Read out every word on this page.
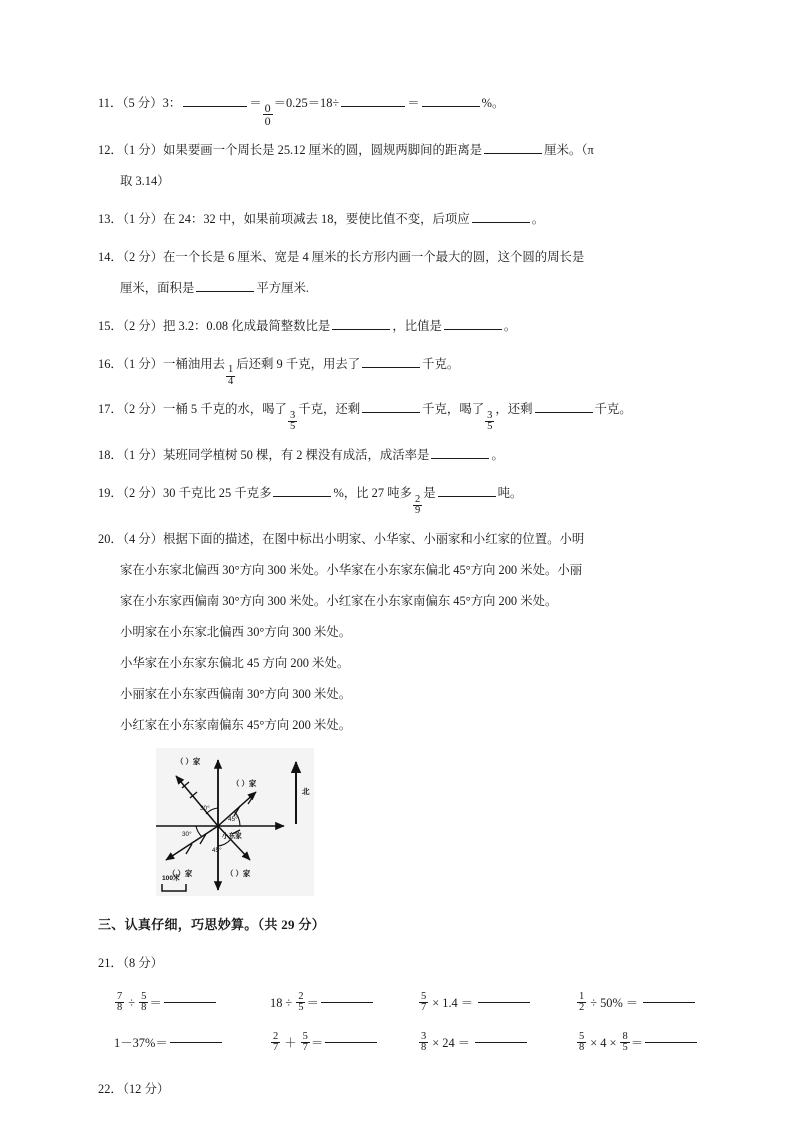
11．（5 分）3：	＝ $\frac{0}{0} =0.25=18\div$	＝	%。
12．（1 分）如果要画一个周长是 25.12 厘米的圆，圆规两脚间的距离是	厘米。（π
取 3.14）
13．（1 分）在 24：32 中，如果前项减去 18，要使比值不变，后项应	。
14．（2 分）在一个长是 6 厘米、宽是 4 厘米的长方形内画一个最大的圆，这个圆的周长是
厘米，面积是	平方厘米.
15．（2 分）把 3.2：0.08 化成最简整数比是	，比值是	。
16．（1 分）一桶油用去
$\frac{1}{4}$
后还剩 9 千克，用去了	千克。
17．（2 分）一桶 5 千克的水，喝了
$\frac{3}{5}$
千克，还剩	千克，喝了
$\frac{3}{5}$
，还剩	千克。
18．（1 分）某班同学植树 50 棵，有 2 棵没有成活，成活率是	。
19．（2 分）30 千克比 25 千克多	%，比 27 吨多
$\frac{2}{9}$
是	吨。
20．（4 分）根据下面的描述，在图中标出小明家、小华家、小丽家和小红家的位置。小明
家在小东家北偏西 30°方向 300 米处。小华家在小东家东偏北 45°方向 200 米处。小丽
家在小东家西偏南 30°方向 300 米处。小红家在小东家南偏东 45°方向 200 米处。
小明家在小东家北偏西 30°方向 300 米处。
小华家在小东家东偏北 45 方向 200 米处。
小丽家在小东家西偏南 30°方向 300 米处。
小红家在小东家南偏东 45°方向 200 米处。
30°
45°
30°
45°
小东家
（ ）家
（ ）家
（ ）家	（ ）家
北
100米
三、认真仔细，巧思妙算。（共 29 分）
21．（8 分）
$\frac{7}{8} \div \frac{5}{8}$ ＝	$18 \div \frac{2}{5}$ ＝	$\frac{5}{7} \times 1.4$ ＝	$\frac{1}{2} \div 50\%$ ＝
1－37% ＝	$\frac{2}{7} + \frac{5}{7}$ ＝	$\frac{3}{8} \times 24$ ＝	$\frac{5}{8} \times 4 \times \frac{8}{5}$ ＝
22．（12 分）
